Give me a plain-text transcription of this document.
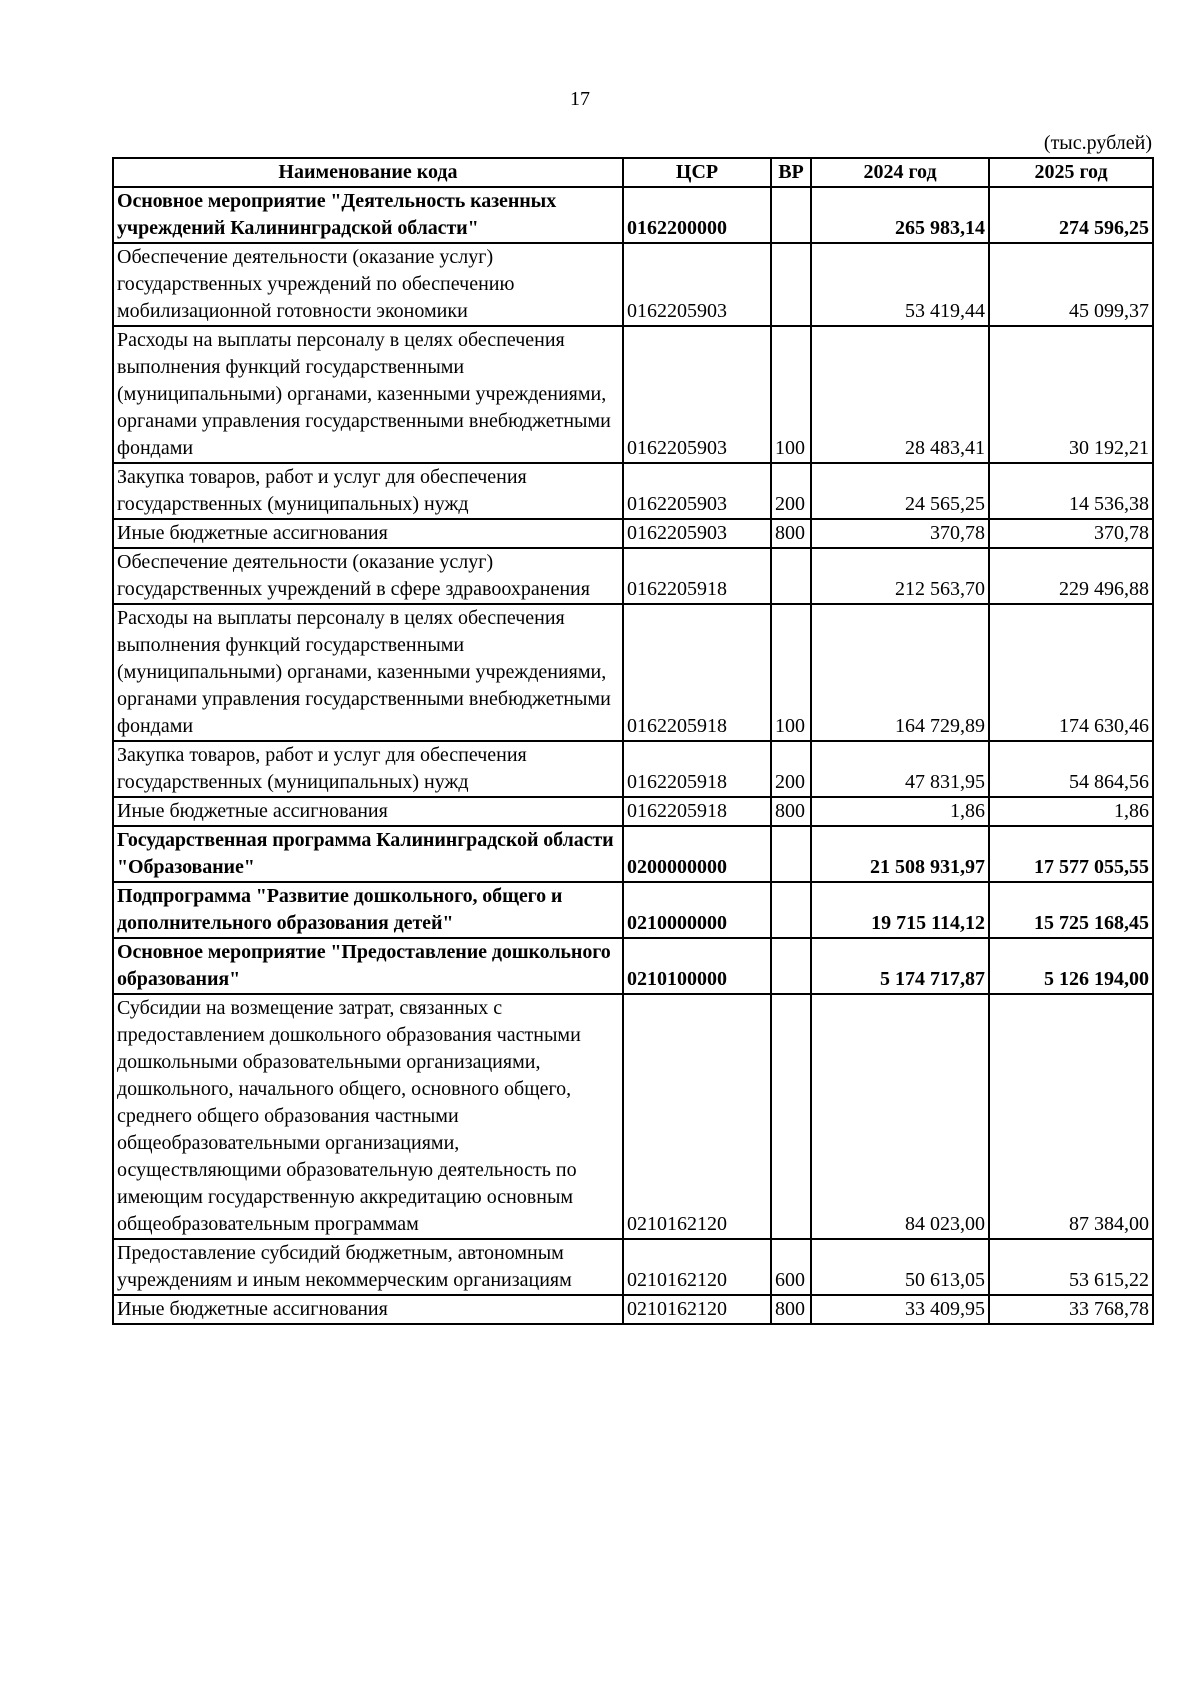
17
(тыс.рублей)
Наименование кода	ЦСР	ВР	2024 год	2025 год
Основное мероприятие "Деятельность казенных учреждений Калининградской области"	0162200000		265 983,14	274 596,25
Обеспечение деятельности (оказание услуг) государственных учреждений по обеспечению мобилизационной готовности экономики	0162205903		53 419,44	45 099,37
Расходы на выплаты персоналу в целях обеспечения выполнения функций государственными (муниципальными) органами, казенными учреждениями, органами управления государственными внебюджетными фондами	0162205903	100	28 483,41	30 192,21
Закупка товаров, работ и услуг для обеспечения государственных (муниципальных) нужд	0162205903	200	24 565,25	14 536,38
Иные бюджетные ассигнования	0162205903	800	370,78	370,78
Обеспечение деятельности (оказание услуг) государственных учреждений в сфере здравоохранения	0162205918		212 563,70	229 496,88
Расходы на выплаты персоналу в целях обеспечения выполнения функций государственными (муниципальными) органами, казенными учреждениями, органами управления государственными внебюджетными фондами	0162205918	100	164 729,89	174 630,46
Закупка товаров, работ и услуг для обеспечения государственных (муниципальных) нужд	0162205918	200	47 831,95	54 864,56
Иные бюджетные ассигнования	0162205918	800	1,86	1,86
Государственная программа Калининградской области "Образование"	0200000000		21 508 931,97	17 577 055,55
Подпрограмма "Развитие дошкольного, общего и дополнительного образования детей"	0210000000		19 715 114,12	15 725 168,45
Основное мероприятие "Предоставление дошкольного образования"	0210100000		5 174 717,87	5 126 194,00
Субсидии на возмещение затрат, связанных с предоставлением дошкольного образования частными дошкольными образовательными организациями, дошкольного, начального общего, основного общего, среднего общего образования частными общеобразовательными организациями, осуществляющими образовательную деятельность по имеющим государственную аккредитацию основным общеобразовательным программам	0210162120		84 023,00	87 384,00
Предоставление субсидий бюджетным, автономным учреждениям и иным некоммерческим организациям	0210162120	600	50 613,05	53 615,22
Иные бюджетные ассигнования	0210162120	800	33 409,95	33 768,78
